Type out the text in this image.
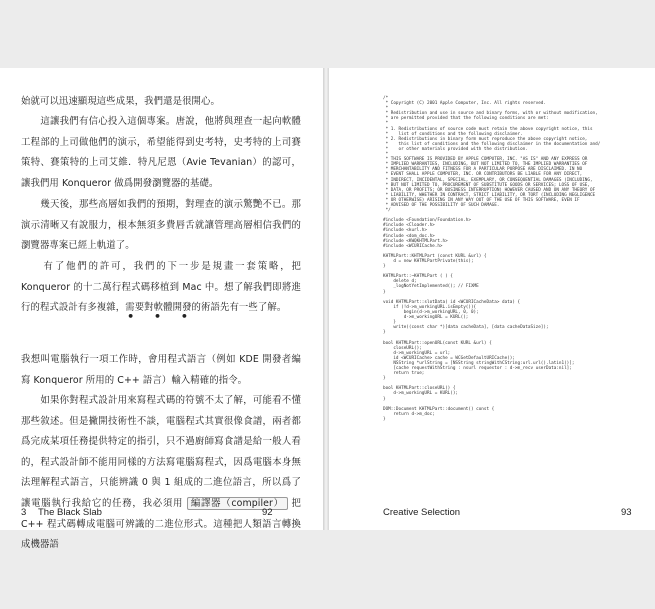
始就可以迅速顯現這些成果，我們還是很開心。

　　這讓我們有信心投入這個專案。唐說，他將與理查一起向軟體工程部的上司做他們的演示，希望能得到史考特，史考特的上司賽策特、賽策特的上司艾維．特凡尼恩（Avie Tevanian）的認可，讓我們用 Konqueror 做爲開發瀏覽器的基礎。

　　幾天後，那些高層如我們的預期，對理查的演示驚艷不已。那演示清晰又有說服力，根本無須多費唇舌就讓管理高層相信我們的瀏覽器專案已經上軌道了。

　　有了他們的許可，我們的下一步是規畫一套策略，把 Konqueror 的十二萬行程式碼移植到 Mac 中。想了解我們即將進行的程式設計有多複雜，需要對軟體開發的術語先有一些了解。

• • •

我想叫電腦執行一項工作時，會用程式語言（例如 KDE 開發者編寫 Konqueror 所用的 C++ 語言）輸入精確的指令。

　　如果你對程式設計用來寫程式碼的符號不太了解，可能看不懂那些敘述。但是撇開技術性不談，電腦程式其實很像食譜，兩者都爲完成某項任務提供特定的指引，只不過廚師寫食譜是給一般人看的，程式設計師不能用同樣的方法寫電腦寫程式，因爲電腦本身無法理解程式語言，只能辨識 0 與 1 組成的二進位語言，所以爲了讓電腦執行我給它的任務，我必須用 編譯器（compiler） 把 C++ 程式碼轉成電腦可辨識的二進位形式。這種把人類語言轉換成機器語

3 The Black Slab	92
/*
* Copyright (C) 2001 Apple Computer, Inc. All rights reserved.
*
* Redistribution and use in source and binary forms, with or without modification,
* are permitted provided that the following conditions are met:
*
* 1. Redistributions of source code must retain the above copyright notice, this
*    list of conditions and the following disclaimer.
* 2. Redistributions in binary form must reproduce the above copyright notice,
*    this list of conditions and the following disclaimer in the documentation and/
*    or other materials provided with the distribution.
*
* THIS SOFTWARE IS PROVIDED BY APPLE COMPUTER, INC. "AS IS" AND ANY EXPRESS OR
* IMPLIED WARRANTIES, INCLUDING, BUT NOT LIMITED TO, THE IMPLIED WARRANTIES OF
* MERCHANTABILITY AND FITNESS FOR A PARTICULAR PURPOSE ARE DISCLAIMED. IN NO
* EVENT SHALL APPLE COMPUTER, INC. OR CONTRIBUTORS BE LIABLE FOR ANY DIRECT,
* INDIRECT, INCIDENTAL, SPECIAL, EXEMPLARY, OR CONSEQUENTIAL DAMAGES (INCLUDING,
* BUT NOT LIMITED TO, PROCUREMENT OF SUBSTITUTE GOODS OR SERVICES; LOSS OF USE,
* DATA, OR PROFITS; OR BUSINESS INTERRUPTION) HOWEVER CAUSED AND ON ANY THEORY OF
* LIABILITY, WHETHER IN CONTRACT, STRICT LIABILITY, OR TORT (INCLUDING NEGLIGENCE
* OR OTHERWISE) ARISING IN ANY WAY OUT OF THE USE OF THIS SOFTWARE, EVEN IF
* ADVISED OF THE POSSIBILITY OF SUCH DAMAGE.
*/

#include <Foundation/Foundation.h>
#include <Cloader.h>
#include <kurl.h>
#include <dom_doc.h>
#include <KWQKHTMLPart.h>
#include <WCURICache.h>

KHTMLPart::KHTMLPart (const KURL &url) {
d = new KHTMLPartPrivate(this);
}

KHTMLPart::~KHTMLPart ( ) {
delete d;
_logNotYetImplemented(); // FIXME
}

void KHTMLPart::slotData( id <WCURICacheData> data) {
if (!d->m_workingURL.isEmpty()){
begin(d->m_workingURL, 0, 0);
d->m_workingURL = KURL();
}
write((const char *)[data cacheData], [data cacheDataSize]);
}

bool KHTMLPart::openURL(const KURL &url) {
closeURL();
d->m_workingURL = url;
id <WCURICache> cache = WCGetDefaultURICache();
NSString *urlString = [NSString stringWithCString:url.url().latin1()];
[cache requestWithString : nsurl requestor : d->m_recv userData:nil];
return true;
}

bool KHTMLPart::closeURL() {
d->m_workingURL = KURL();
}

DOM::Document KHTMLPart::document() const {
return d->m_doc;
}
Creative Selection	93
